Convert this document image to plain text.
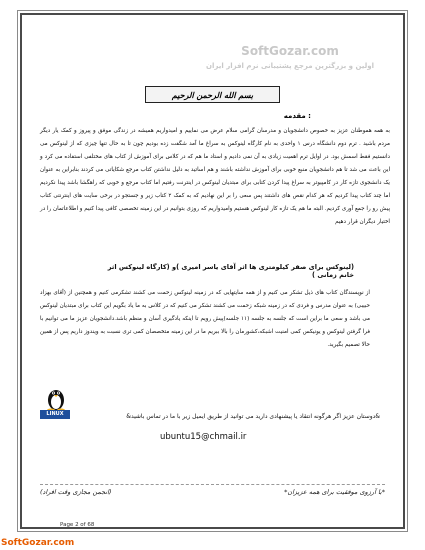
SoftGozar.com
اولین و بزرگترین مرجع پشتیبانی نرم افزار ایران
بسم الله الرحمن الرحیم
مقدمه :

به همه هموطنان عزیز به خصوص دانشجویان و مدرسان گرامی سلام عرض می نماییم و امیدواریم همیشه در زندگی موفق و پیروز و کمک یار دیگر مردم باشید . ترم دوم دانشگاه درس ۱ واحدی به نام کارگاه لینوکس به سراغ ما آمد شگفت زده بودیم چون تا به حال تنها چیزی که از لینوکس می دانستیم فقط اسمش بود. در اوایل ترم اهمیت زیادی به آن نمی دادیم و استاد ما هم که در کلاس برای آموزش از کتاب های مختلفی استفاده می کرد و این باعث می شد تا هم دانشجویان منبع خوبی برای آموزش نداشته باشند و هم اساتید به دلیل نداشتن کتاب مرجع شکایاتی می کردند بنابراین به عنوان یک دانشجوی تازه کار در کامپیوتر به سراغ پیدا کردن کتابی برای مبتدیان لینوکس در اینترنت رفتیم اما کتاب مرجع و خوبی که راهگشا باشد پیدا نکردیم اما چند کتاب پیدا کردیم که هر کدام نقص های داشتند پس سعی را بر این نهادیم که به کمک ۲ کتاب زیر و جستجو در برخی سایت های اینترنتی کتاب پیش رو را جمع آوری کردیم. البته ما هم یک تازه کار لینوکس هستیم وامیدواریم که روزی بتوانیم در این زمینه تخصصی کافی پیدا کنیم و اطلاعاتمان را در اختیار دیگران قرار دهیم

(لینوکس برای صفر کیلومتری ها اثر آقای یاسر امیری )و (کارگاه لینوکس اثر خانم زمانی )

از نویسندگان کتاب های ذیل تشکر می کنیم و از همه سایتهایی که در زمینه لینوکس زحمت می کشند تشکرمی کنیم و همچنین از (آقای بهزاد حبیبی) به عنوان مدرس و فردی که در زمینه شبکه زحمت می کشند تشکر می کنیم که در کلاس به ما یاد بگویم این کتاب برای مبتدیان لینوکس می باشد و سعی ما براین است که جلسه به جلسه (۱۱ جلسه)پیش رویم تا اینکه یادگیری آسان و منظم باشد.دانشجویان عزیز ما می توانیم با فرا گرفتن لینوکس و یونیکس کمی امنیت اشبکه،کشورمان را بالا ببریم ما در این زمینه متخصصان کمی تری نسبت به ویندوز داریم پس از همین حالا تصمیم بگیرید.

LINUX	&دوستان عزیز اگر هرگونه انتقاد یا پیشنهادی دارید می توانید از طریق ایمیل زیر با ما در تماس باشید&
ubuntu15@chmail.ir
*با آرزوی موفقیت برای همه عزیزان*
(انجمن مجازی وقت افراد)
Page 2 of 68
SoftGozar.com
